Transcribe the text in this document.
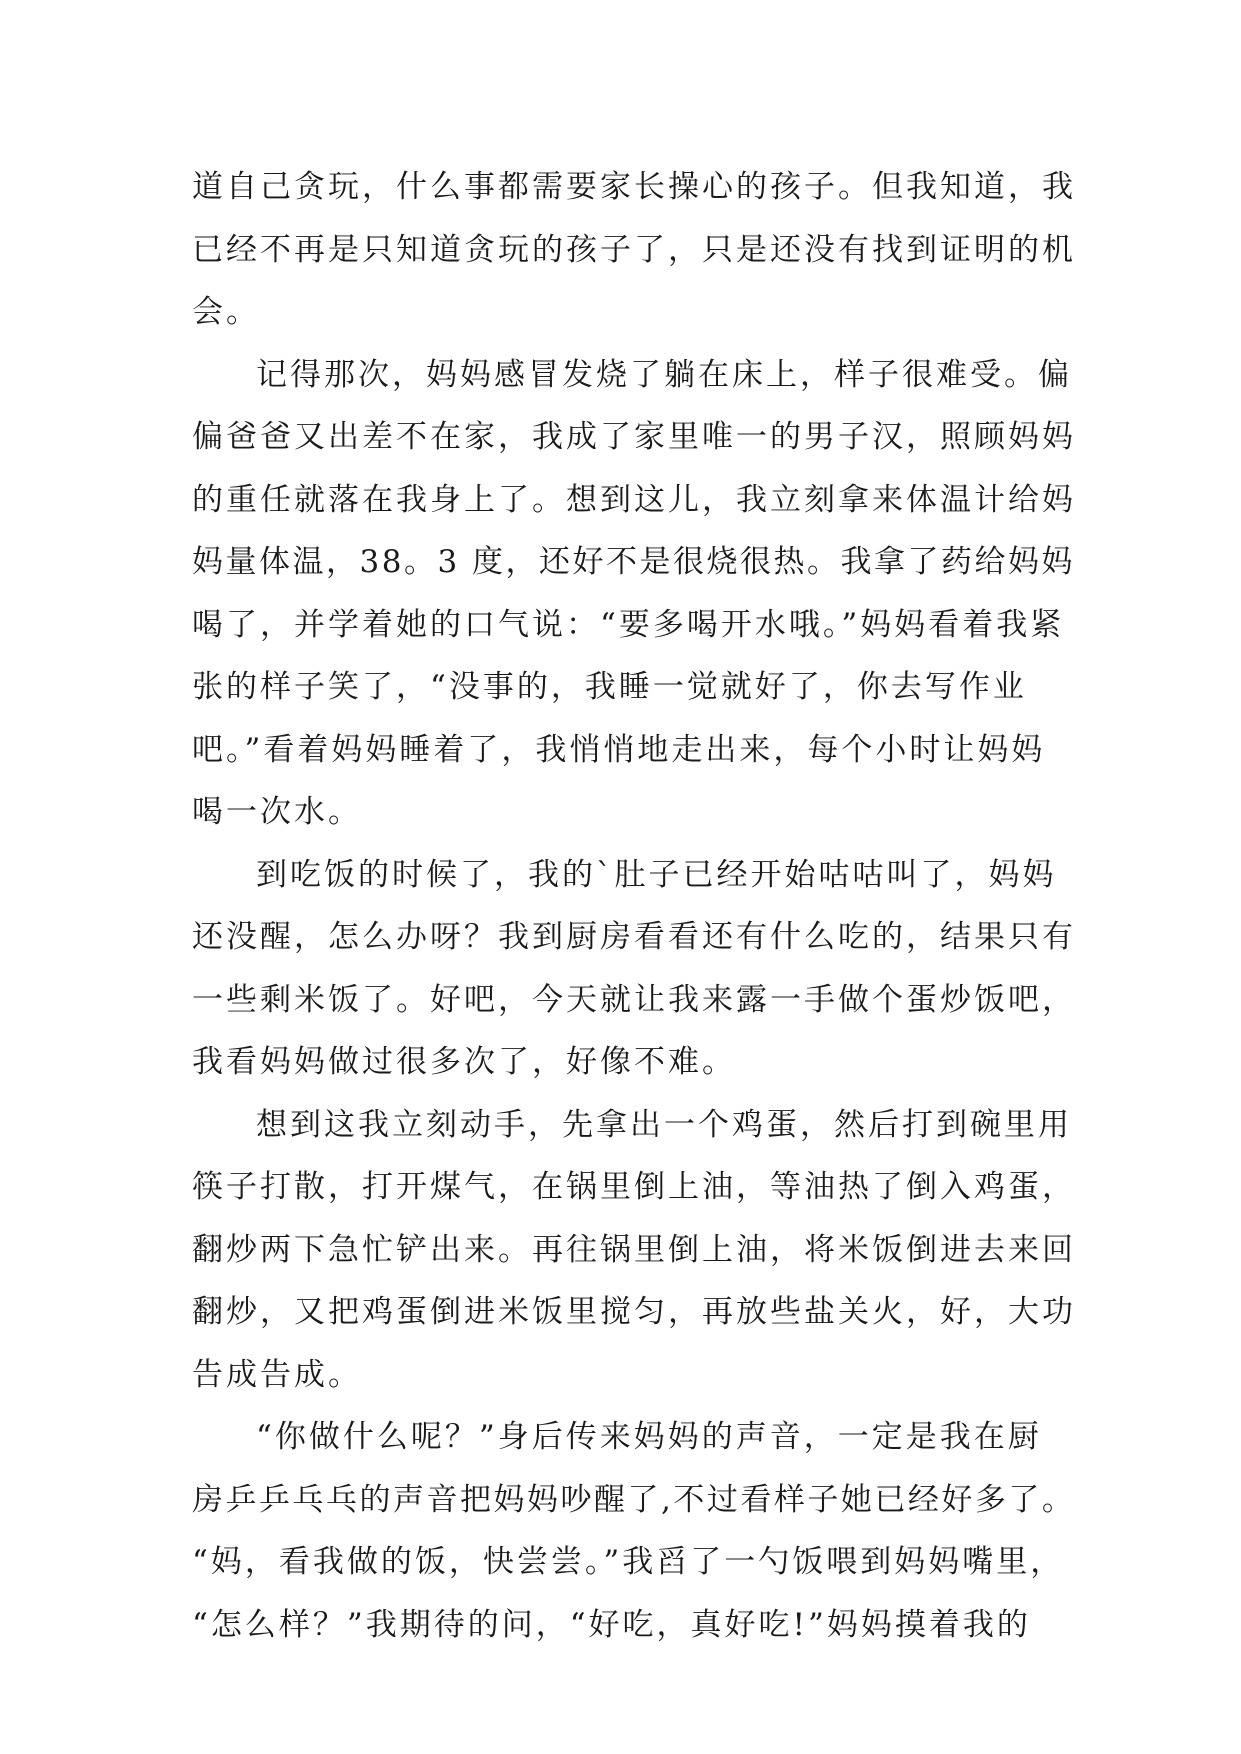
道自己贪玩，什么事都需要家长操心的孩子。但我知道，我
已经不再是只知道贪玩的孩子了，只是还没有找到证明的机
会。
记得那次，妈妈感冒发烧了躺在床上，样子很难受。偏
偏爸爸又出差不在家，我成了家里唯一的男子汉，照顾妈妈
的重任就落在我身上了。想到这儿，我立刻拿来体温计给妈
妈量体温，38。3 度，还好不是很烧很热。我拿了药给妈妈
喝了，并学着她的口气说：“要多喝开水哦。”妈妈看着我紧
张的样子笑了，“没事的，我睡一觉就好了，你去写作业
吧。”看着妈妈睡着了，我悄悄地走出来，每个小时让妈妈
喝一次水。
到吃饭的时候了，我的`肚子已经开始咕咕叫了，妈妈
还没醒，怎么办呀？我到厨房看看还有什么吃的，结果只有
一些剩米饭了。好吧，今天就让我来露一手做个蛋炒饭吧，
我看妈妈做过很多次了，好像不难。
想到这我立刻动手，先拿出一个鸡蛋，然后打到碗里用
筷子打散，打开煤气，在锅里倒上油，等油热了倒入鸡蛋，
翻炒两下急忙铲出来。再往锅里倒上油，将米饭倒进去来回
翻炒，又把鸡蛋倒进米饭里搅匀，再放些盐关火，好，大功
告成告成。
“你做什么呢？”身后传来妈妈的声音，一定是我在厨
房乒乒乓乓的声音把妈妈吵醒了,不过看样子她已经好多了。
“妈，看我做的饭，快尝尝。”我舀了一勺饭喂到妈妈嘴里，
“怎么样？”我期待的问，“好吃，真好吃!”妈妈摸着我的
